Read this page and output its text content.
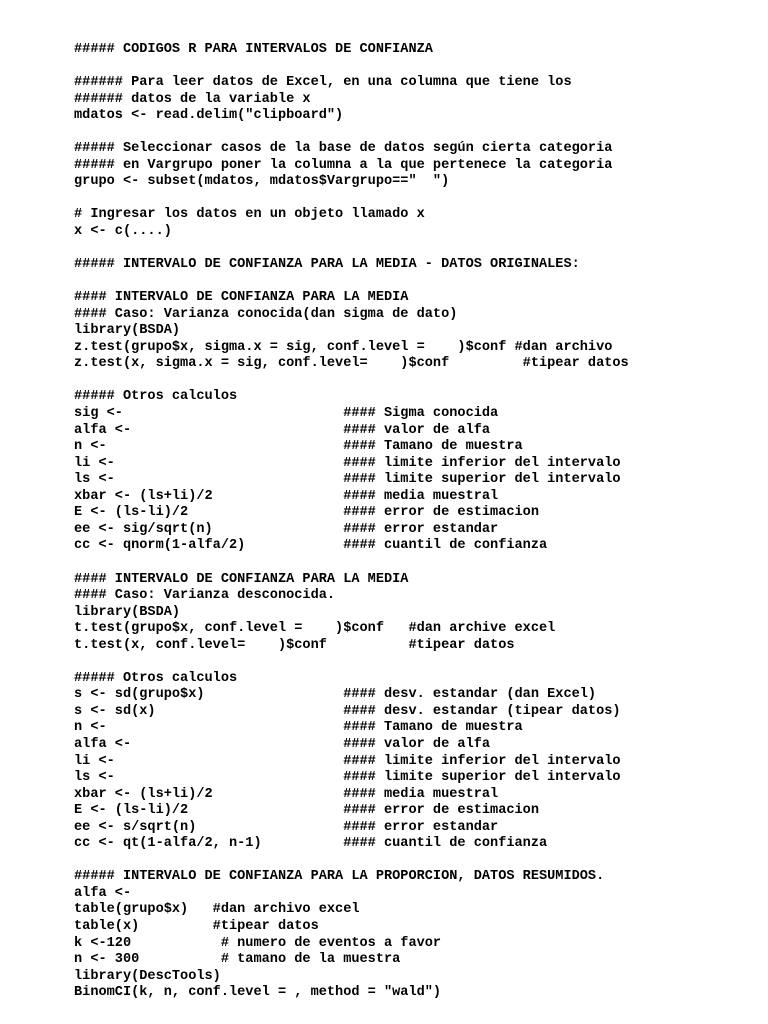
##### CODIGOS R PARA INTERVALOS DE CONFIANZA
###### Para leer datos de Excel, en una columna que tiene los
###### datos de la variable x
mdatos <- read.delim("clipboard")
##### Seleccionar casos de la base de datos según cierta categoria
##### en Vargrupo poner la columna a la que pertenece la categoria
grupo <- subset(mdatos, mdatos$Vargrupo=="  ")
# Ingresar los datos en un objeto llamado x
x <- c(....)
##### INTERVALO DE CONFIANZA PARA LA MEDIA - DATOS ORIGINALES:
#### INTERVALO DE CONFIANZA PARA LA MEDIA
#### Caso: Varianza conocida(dan sigma de dato)
library(BSDA)
z.test(grupo$x, sigma.x = sig, conf.level =    )$conf #dan archivo
z.test(x, sigma.x = sig, conf.level=    )$conf         #tipear datos
##### Otros calculos
sig <-                           #### Sigma conocida
alfa <-                          #### valor de alfa
n <-                             #### Tamano de muestra
li <-                            #### limite inferior del intervalo
ls <-                            #### limite superior del intervalo
xbar <- (ls+li)/2                #### media muestral
E <- (ls-li)/2                   #### error de estimacion
ee <- sig/sqrt(n)                #### error estandar
cc <- qnorm(1-alfa/2)            #### cuantil de confianza
#### INTERVALO DE CONFIANZA PARA LA MEDIA
#### Caso: Varianza desconocida.
library(BSDA)
t.test(grupo$x, conf.level =    )$conf   #dan archive excel
t.test(x, conf.level=    )$conf          #tipear datos
##### Otros calculos
s <- sd(grupo$x)                 #### desv. estandar (dan Excel)
s <- sd(x)                       #### desv. estandar (tipear datos)
n <-                             #### Tamano de muestra
alfa <-                          #### valor de alfa
li <-                            #### limite inferior del intervalo
ls <-                            #### limite superior del intervalo
xbar <- (ls+li)/2                #### media muestral
E <- (ls-li)/2                   #### error de estimacion
ee <- s/sqrt(n)                  #### error estandar
cc <- qt(1-alfa/2, n-1)          #### cuantil de confianza
##### INTERVALO DE CONFIANZA PARA LA PROPORCION, DATOS RESUMIDOS.
alfa <-
table(grupo$x)   #dan archivo excel
table(x)         #tipear datos
k <-120           # numero de eventos a favor
n <- 300          # tamano de la muestra
library(DescTools)
BinomCI(k, n, conf.level = , method = "wald")
